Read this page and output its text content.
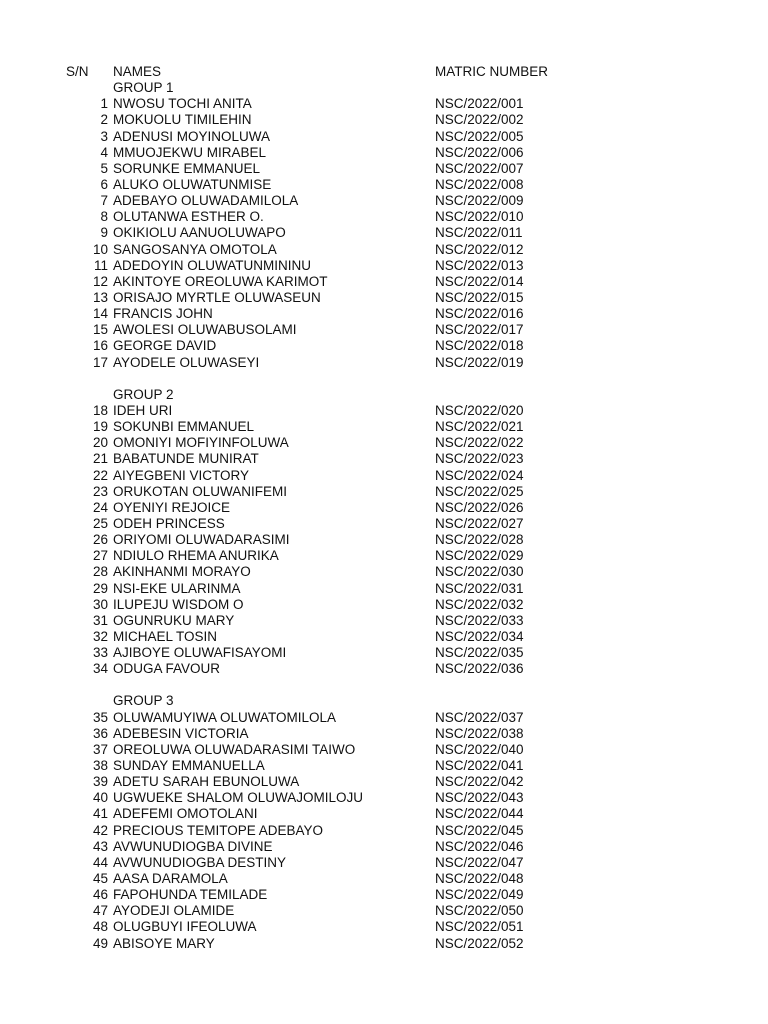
S/N	NAMES	MATRIC NUMBER
GROUP 1
1 NWOSU TOCHI ANITA	NSC/2022/001
2 MOKUOLU TIMILEHIN	NSC/2022/002
3 ADENUSI MOYINOLUWA	NSC/2022/005
4 MMUOJEKWU MIRABEL	NSC/2022/006
5 SORUNKE EMMANUEL	NSC/2022/007
6 ALUKO OLUWATUNMISE	NSC/2022/008
7 ADEBAYO OLUWADAMILOLA	NSC/2022/009
8 OLUTANWA ESTHER O.	NSC/2022/010
9 OKIKIOLU AANUOLUWAPO	NSC/2022/011
10 SANGOSANYA OMOTOLA	NSC/2022/012
11 ADEDOYIN OLUWATUNMININU	NSC/2022/013
12 AKINTOYE OREOLUWA KARIMOT	NSC/2022/014
13 ORISAJO MYRTLE OLUWASEUN	NSC/2022/015
14 FRANCIS JOHN	NSC/2022/016
15 AWOLESI OLUWABUSOLAMI	NSC/2022/017
16 GEORGE DAVID	NSC/2022/018
17 AYODELE OLUWASEYI	NSC/2022/019
GROUP 2
18 IDEH URI	NSC/2022/020
19 SOKUNBI EMMANUEL	NSC/2022/021
20 OMONIYI MOFIYINFOLUWA	NSC/2022/022
21 BABATUNDE MUNIRAT	NSC/2022/023
22 AIYEGBENI VICTORY	NSC/2022/024
23 ORUKOTAN OLUWANIFEMI	NSC/2022/025
24 OYENIYI REJOICE	NSC/2022/026
25 ODEH PRINCESS	NSC/2022/027
26 ORIYOMI OLUWADARASIMI	NSC/2022/028
27 NDIULO RHEMA ANURIKA	NSC/2022/029
28 AKINHANMI MORAYO	NSC/2022/030
29 NSI-EKE ULARINMA	NSC/2022/031
30 ILUPEJU WISDOM O	NSC/2022/032
31 OGUNRUKU MARY	NSC/2022/033
32 MICHAEL TOSIN	NSC/2022/034
33 AJIBOYE OLUWAFISAYOMI	NSC/2022/035
34 ODUGA FAVOUR	NSC/2022/036
GROUP 3
35 OLUWAMUYIWA OLUWATOMILOLA	NSC/2022/037
36 ADEBESIN VICTORIA	NSC/2022/038
37 OREOLUWA OLUWADARASIMI TAIWO	NSC/2022/040
38 SUNDAY EMMANUELLA	NSC/2022/041
39 ADETU SARAH EBUNOLUWA	NSC/2022/042
40 UGWUEKE SHALOM OLUWAJOMILOJU	NSC/2022/043
41 ADEFEMI OMOTOLANI	NSC/2022/044
42 PRECIOUS TEMITOPE ADEBAYO	NSC/2022/045
43 AVWUNUDIOGBA DIVINE	NSC/2022/046
44 AVWUNUDIOGBA DESTINY	NSC/2022/047
45 AASA DARAMOLA	NSC/2022/048
46 FAPOHUNDA TEMILADE	NSC/2022/049
47 AYODEJI OLAMIDE	NSC/2022/050
48 OLUGBUYI IFEOLUWA	NSC/2022/051
49 ABISOYE MARY	NSC/2022/052
